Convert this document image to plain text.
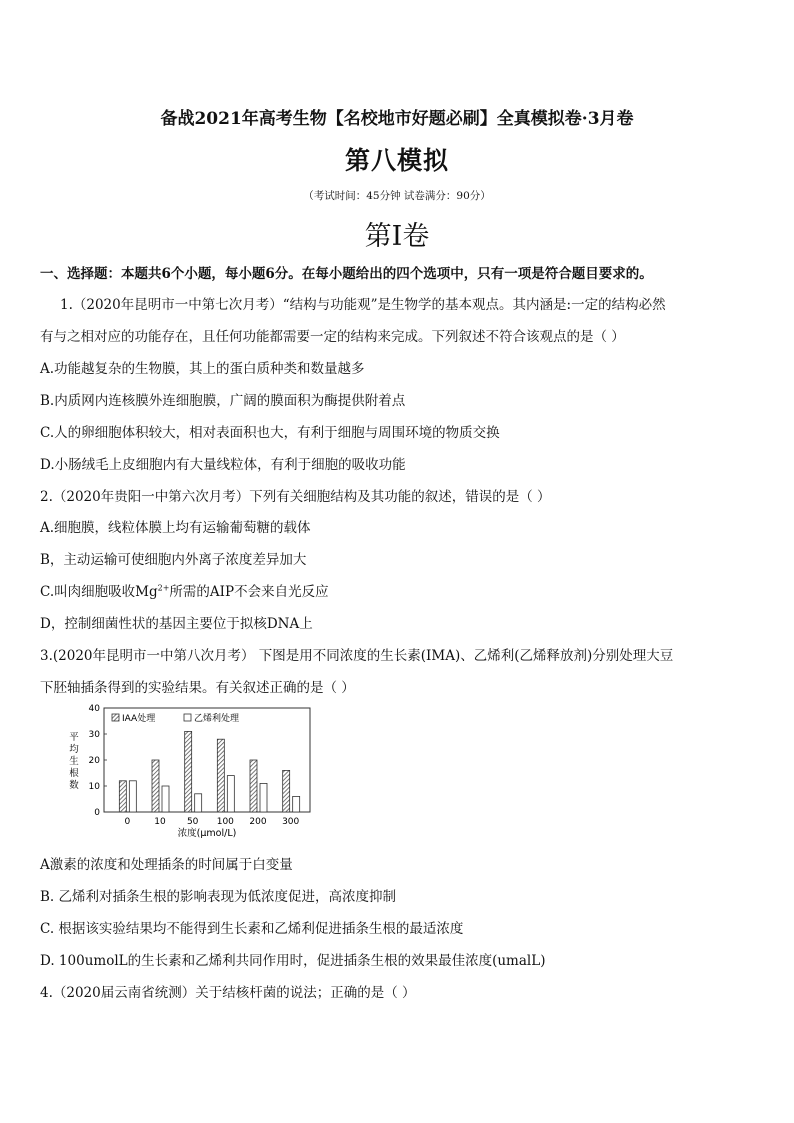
备战2021年高考生物【名校地市好题必刷】全真模拟卷·3月卷
第八模拟
（考试时间：45分钟 试卷满分：90分）
第Ⅰ卷
一、选择题：本题共6个小题，每小题6分。在每小题给出的四个选项中，只有一项是符合题目要求的。
1.（2020年昆明市一中第七次月考）“结构与功能观”是生物学的基本观点。其内涵是:一定的结构必然
有与之相对应的功能存在，且任何功能都需要一定的结构来完成。下列叙述不符合该观点的是（ ）
A.功能越复杂的生物膜，其上的蛋白质种类和数量越多
B.内质网内连核膜外连细胞膜，广阔的膜面积为酶提供附着点
C.人的卵细胞体积较大，相对表面积也大，有利于细胞与周围环境的物质交换
D.小肠绒毛上皮细胞内有大量线粒体，有利于细胞的吸收功能
2.（2020年贵阳一中第六次月考）下列有关细胞结构及其功能的叙述，错误的是（ ）
A.细胞膜，线粒体膜上均有运输葡萄糖的载体
B，主动运输可使细胞内外离子浓度差异加大
C.叫肉细胞吸收$Mg^{2+}$所需的AIP不会来自光反应
D，控制细菌性状的基因主要位于拟核DNA上
3.(2020年昆明市一中第八次月考） 下图是用不同浓度的生长素(IMA)、乙烯利(乙烯释放剂)分别处理大豆
下胚轴插条得到的实验结果。有关叙述正确的是（ ）
平
均
生
根
数
0
10
20
30
40
0	10 50 100 200 300
浓度(μmol/L)
IAA处理	乙烯利处理
A激素的浓度和处理插条的时间属于白变量
B. 乙烯利对插条生根的影响表现为低浓度促进，高浓度抑制
C. 根据该实验结果均不能得到生长素和乙烯利促进插条生根的最适浓度
D. 100umolL的生长素和乙烯利共同作用时，促进插条生根的效果最佳浓度(umalL)
4.（2020届云南省统测）关于结核杆菌的说法；正确的是（ ）
